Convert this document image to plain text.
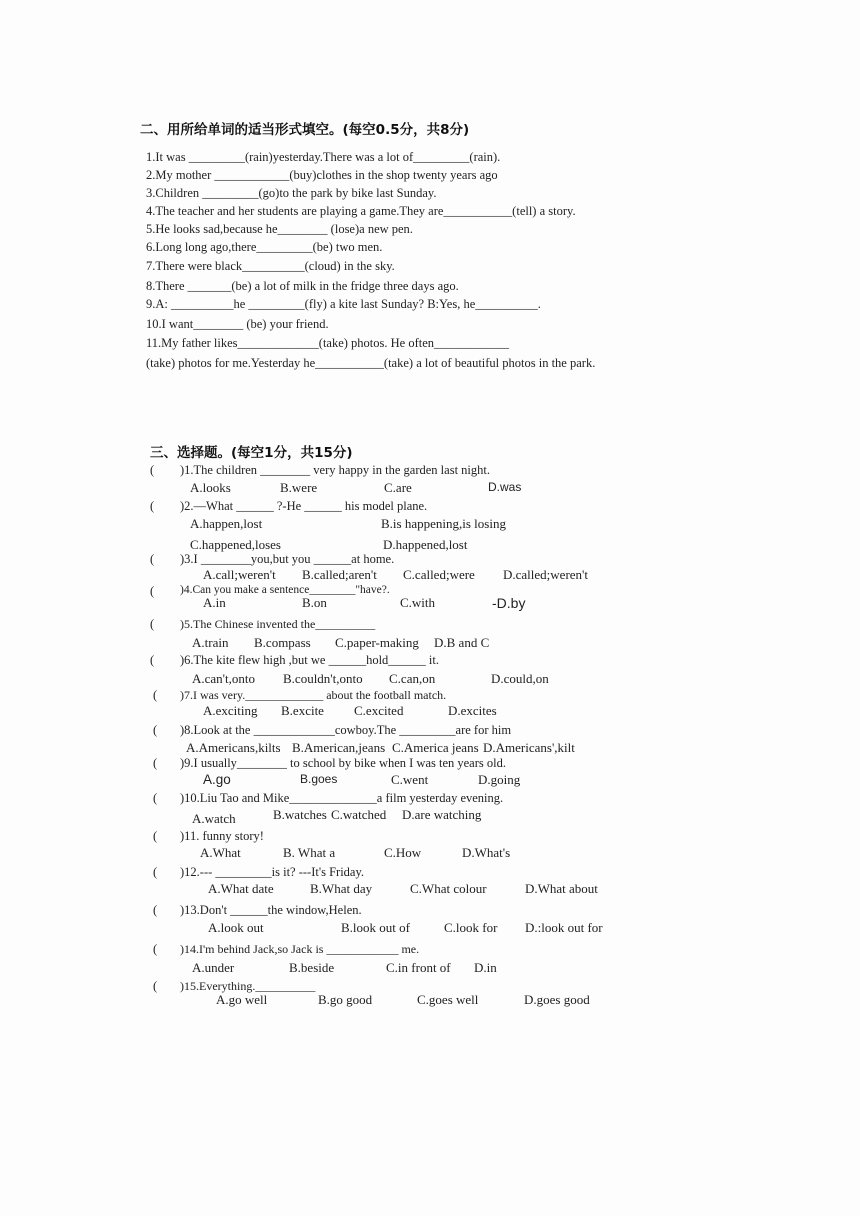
二、用所给单词的适当形式填空。(每空0.5分，共8分)
1.It was _________(rain)yesterday.There was a lot of_________(rain).
2.My mother ____________(buy)clothes in the shop twenty years ago
3.Children _________(go)to the park by bike last Sunday.
4.The teacher and her students are playing a game.They are___________(tell) a story.
5.He looks sad,because he________ (lose)a new pen.
6.Long long ago,there_________(be) two men.
7.There were black__________(cloud) in the sky.
8.There _______(be) a lot of milk in the fridge three days ago.
9.A: __________he _________(fly) a kite last Sunday? B:Yes, he__________.
10.I want________ (be) your friend.
11.My father likes_____________(take) photos. He often____________
(take) photos for me.Yesterday he___________(take) a lot of beautiful photos in the park.
三、选择题。(每空1分，共15分)
( )1.The children ________ very happy in the garden last night.
A.looks	B.were	C.are	D.was
( )2.—What ______ ?-He ______ his model plane.
A.happen,lost	B.is happening,is losing
C.happened,loses	D.happened,lost
( )3.I ________you,but you ______at home.
A.call;weren't B.called;aren't C.called;were D.called;weren't
( )4.Can you make a sentence________"have?.
A.in	B.on	C.with	-D.by
( )5.The Chinese invented the__________
A.train B.compass C.paper-making D.B and C
( )6.The kite flew high ,but we ______hold______ it.
A.can't,onto B.couldn't,onto C.can,on	D.could,on
( )7.I was very._____________ about the football match.
A.exciting B.excite C.excited	D.excites
( )8.Look at the _____________cowboy.The _________are for him
A.Americans,kilts B.American,jeans C.America jeans D.Americans',kilt
( )9.I usually________ to school by bike when I was ten years old.
A.go	B.goes	C.went	D.going
( )10.Liu Tao and Mike______________a film yesterday evening.
A.watch	B.watches C.watched D.are watching
( )11. funny story!
A.What	B. What a	C.How	D.What's
( )12.--- _________is it? ---It's Friday.
A.What date	B.What day	C.What colour	D.What about
( )13.Don't ______the window,Helen.
A.look out	B.look out of	C.look for D.:look out for
( )14.I'm behind Jack,so Jack is ____________ me.
A.under	B.beside	C.in front of D.in
( )15.Everything.__________
A.go well	B.go good	C.goes well	D.goes good
